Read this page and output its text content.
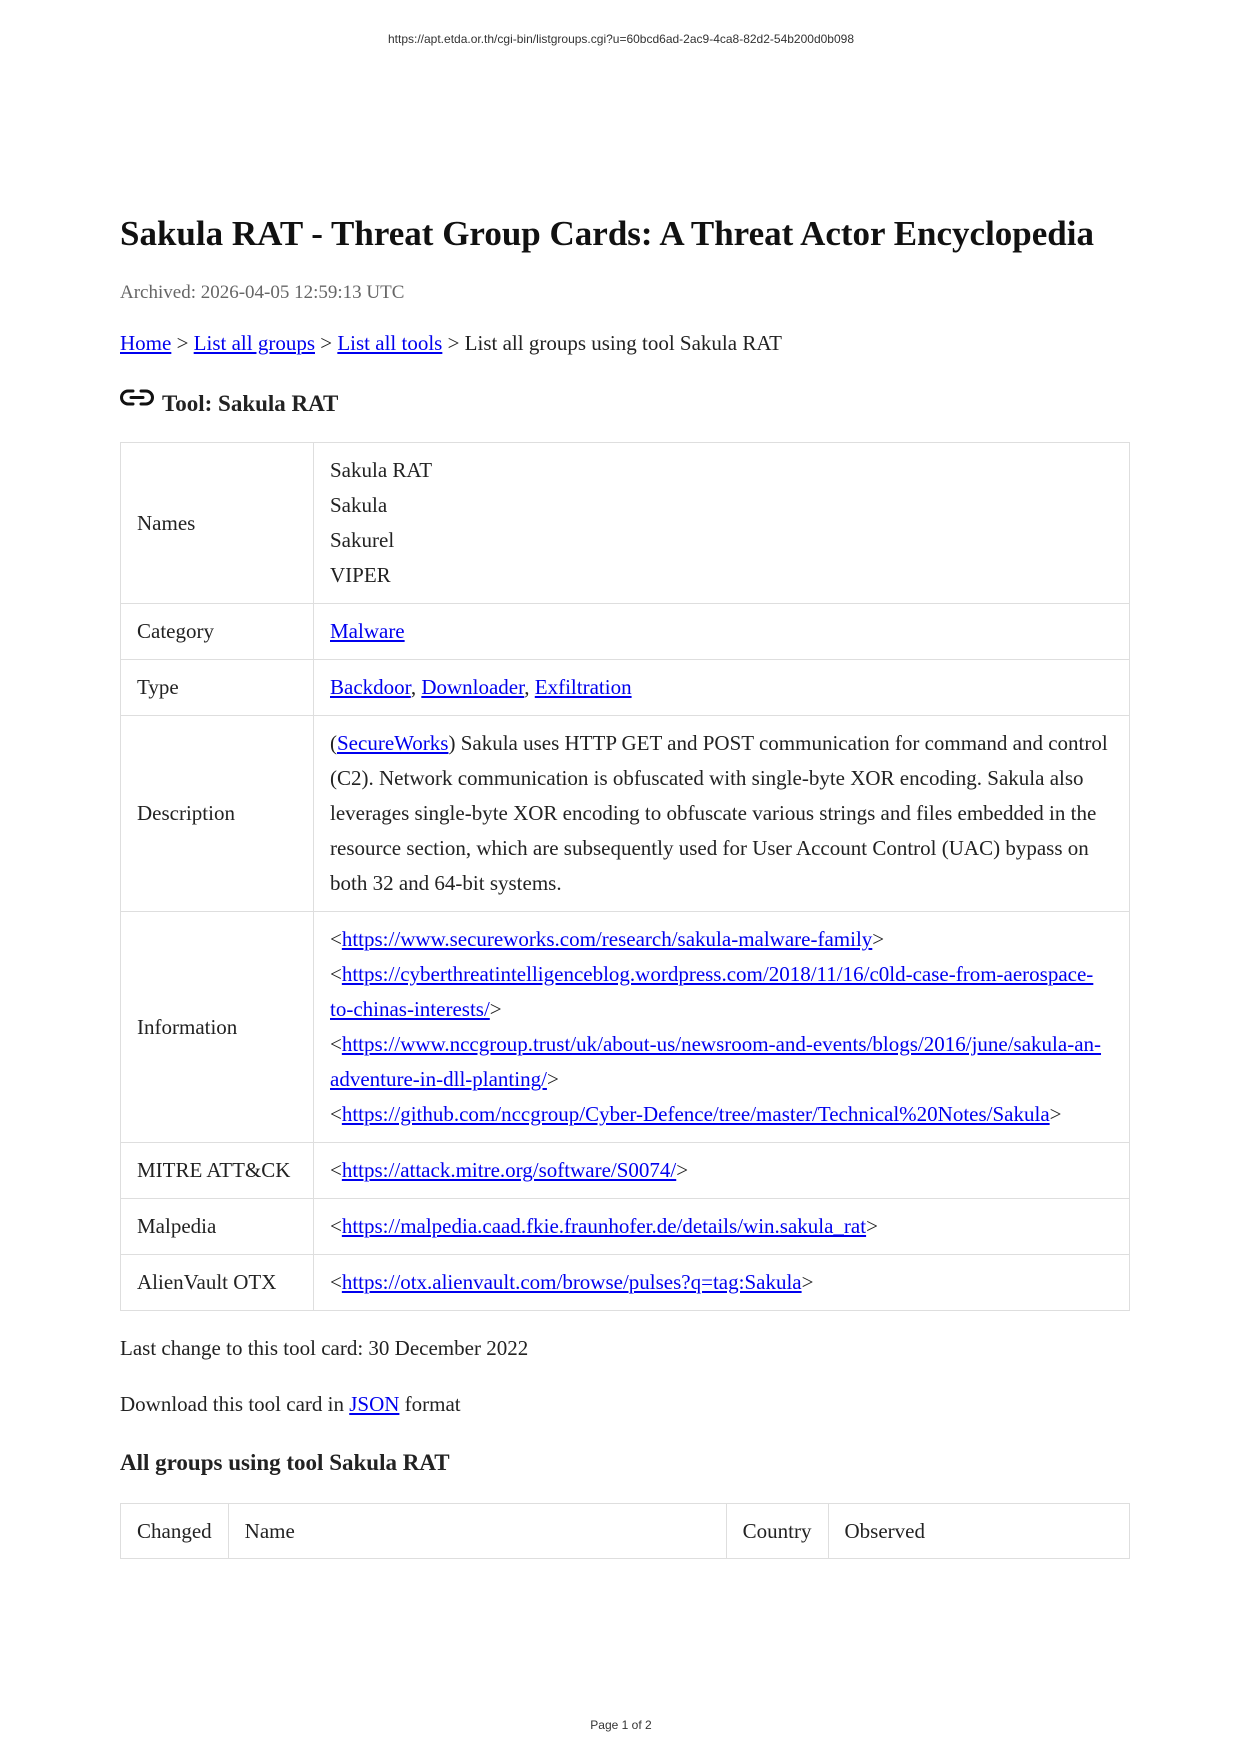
https://apt.etda.or.th/cgi-bin/listgroups.cgi?u=60bcd6ad-2ac9-4ca8-82d2-54b200d0b098
Sakula RAT - Threat Group Cards: A Threat Actor Encyclopedia
Archived: 2026-04-05 12:59:13 UTC
Home > List all groups > List all tools > List all groups using tool Sakula RAT
Tool: Sakula RAT
Names	Sakula RAT
Sakula
Sakurel
VIPER

Category	Malware
Type	Backdoor, Downloader, Exfiltration
Description	(SecureWorks) Sakula uses HTTP GET and POST communication for command and control (C2). Network communication is obfuscated with single-byte XOR encoding. Sakula also leverages single-byte XOR encoding to obfuscate various strings and files embedded in the resource section, which are subsequently used for User Account Control (UAC) bypass on both 32 and 64-bit systems.
Information	<https://www.secureworks.com/research/sakula-malware-family>
<https://cyberthreatintelligenceblog.wordpress.com/2018/11/16/c0ld-case-from-aerospace-to-chinas-interests/>
<https://www.nccgroup.trust/uk/about-us/newsroom-and-events/blogs/2016/june/sakula-an-adventure-in-dll-planting/>
<https://github.com/nccgroup/Cyber-Defence/tree/master/Technical%20Notes/Sakula>

MITRE ATT&CK	<https://attack.mitre.org/software/S0074/>
Malpedia	<https://malpedia.caad.fkie.fraunhofer.de/details/win.sakula_rat>
AlienVault OTX	<https://otx.alienvault.com/browse/pulses?q=tag:Sakula>
Last change to this tool card: 30 December 2022
Download this tool card in JSON format
All groups using tool Sakula RAT
Changed	Name	Country	Observed
Page 1 of 2
